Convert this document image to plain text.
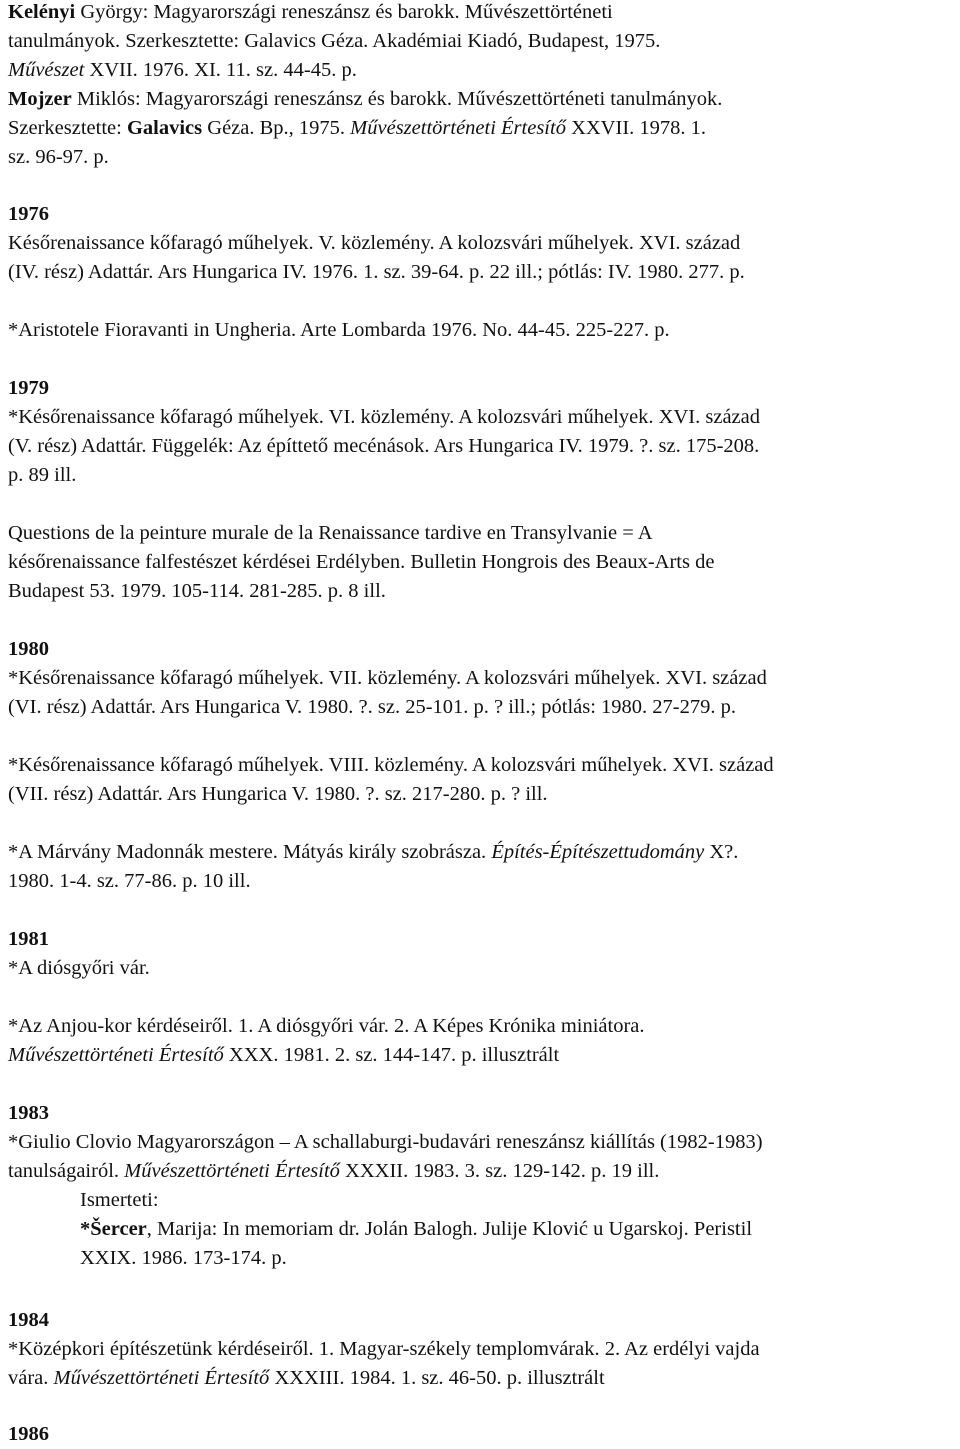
Kelényi György: Magyarországi reneszánsz és barokk. Művészettörténeti
tanulmányok. Szerkesztette: Galavics Géza. Akadémiai Kiadó, Budapest, 1975.
Művészet XVII. 1976. XI. 11. sz. 44-45. p.
Mojzer Miklós: Magyarországi reneszánsz és barokk. Művészettörténeti tanulmányok.
Szerkesztette: Galavics Géza. Bp., 1975. Művészettörténeti Értesítő XXVII. 1978. 1.
sz. 96-97. p.
1976
Későrenaissance kőfaragó műhelyek. V. közlemény. A kolozsvári műhelyek. XVI. század
(IV. rész) Adattár. Ars Hungarica IV. 1976. 1. sz. 39-64. p. 22 ill.; pótlás: IV. 1980. 277. p.
*Aristotele Fioravanti in Ungheria. Arte Lombarda 1976. No. 44-45. 225-227. p.
1979
*Későrenaissance kőfaragó műhelyek. VI. közlemény. A kolozsvári műhelyek. XVI. század
(V. rész) Adattár. Függelék: Az építtető mecénások. Ars Hungarica IV. 1979. ?. sz. 175-208.
p. 89 ill.
Questions de la peinture murale de la Renaissance tardive en Transylvanie = A
későrenaissance falfestészet kérdései Erdélyben. Bulletin Hongrois des Beaux-Arts de
Budapest 53. 1979. 105-114. 281-285. p. 8 ill.
1980
*Későrenaissance kőfaragó műhelyek. VII. közlemény. A kolozsvári műhelyek. XVI. század
(VI. rész) Adattár. Ars Hungarica V. 1980. ?. sz. 25-101. p. ? ill.; pótlás: 1980. 27-279. p.
*Későrenaissance kőfaragó műhelyek. VIII. közlemény. A kolozsvári műhelyek. XVI. század
(VII. rész) Adattár. Ars Hungarica V. 1980. ?. sz. 217-280. p. ? ill.
*A Márvány Madonnák mestere. Mátyás király szobrásza. Építés-Építészettudomány X?.
1980. 1-4. sz. 77-86. p. 10 ill.
1981
*A diósgyőri vár.
*Az Anjou-kor kérdéseiről. 1. A diósgyőri vár. 2. A Képes Krónika miniátora.
Művészettörténeti Értesítő XXX. 1981. 2. sz. 144-147. p. illusztrált
1983
*Giulio Clovio Magyarországon – A schallaburgi-budavári reneszánsz kiállítás (1982-1983)
tanulságairól. Művészettörténeti Értesítő XXXII. 1983. 3. sz. 129-142. p. 19 ill.
Ismerteti:
*Šercer, Marija: In memoriam dr. Jolán Balogh. Julije Klović u Ugarskoj. Peristil
XXIX. 1986. 173-174. p.
1984
*Középkori építészetünk kérdéseiről. 1. Magyar-székely templomvárak. 2. Az erdélyi vajda
vára. Művészettörténeti Értesítő XXXIII. 1984. 1. sz. 46-50. p. illusztrált
1986
